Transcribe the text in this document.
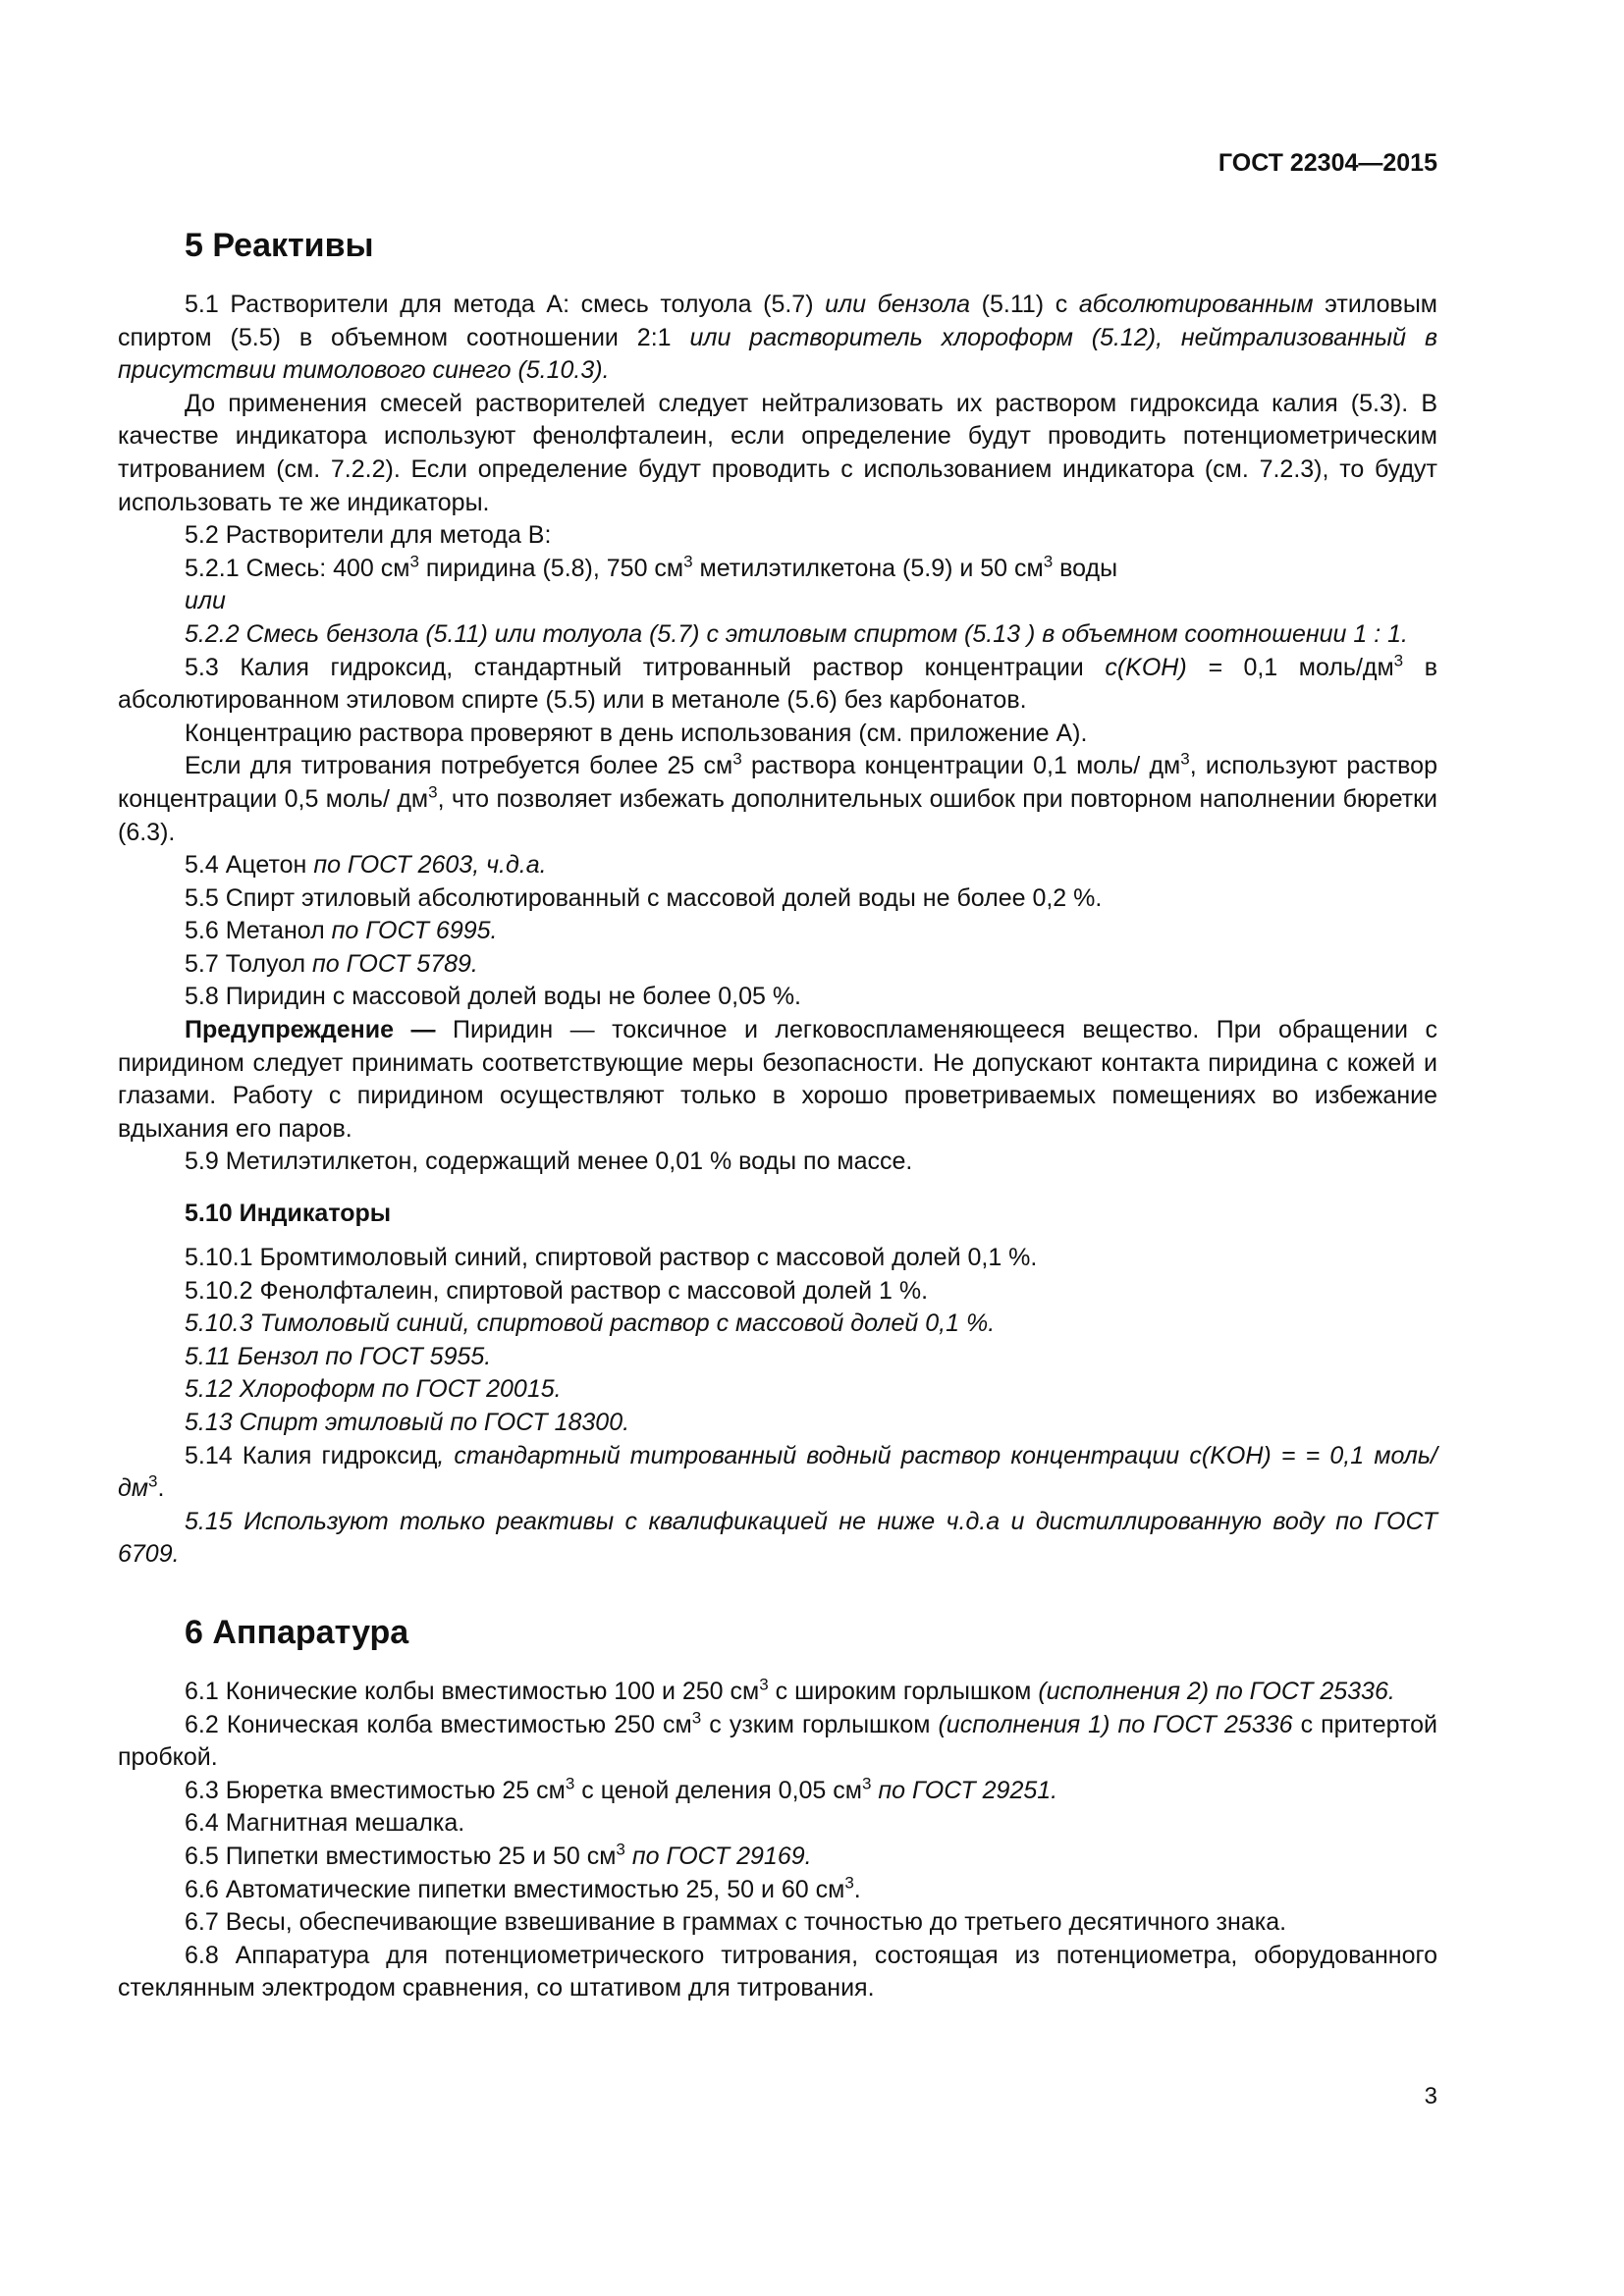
ГОСТ 22304—2015
5 Реактивы

5.1 Растворители для метода А: смесь толуола (5.7) или бензола (5.11) с абсолютированным этиловым спиртом (5.5) в объемном соотношении 2:1 или растворитель хлороформ (5.12), нейтрализованный в присутствии тимолового синего (5.10.3).

До применения смесей растворителей следует нейтрализовать их раствором гидроксида калия (5.3). В качестве индикатора используют фенолфталеин, если определение будут проводить потенциометрическим титрованием (см. 7.2.2). Если определение будут проводить с использованием индикатора (см. 7.2.3), то будут использовать те же индикаторы.

5.2 Растворители для метода В:

5.2.1 Смесь: 400 $см^3$ пиридина (5.8), 750 $см^3$ метилэтилкетона (5.9) и 50 $см^3$ воды

или

5.2.2 Смесь бензола (5.11) или толуола (5.7) с этиловым спиртом (5.13 ) в объемном соотношении 1 : 1.

5.3 Калия гидроксид, стандартный титрованный раствор концентрации c(KOH) = 0,1 моль/$дм^3$ в абсолютированном этиловом спирте (5.5) или в метаноле (5.6) без карбонатов.

Концентрацию раствора проверяют в день использования (см. приложение А).

Если для титрования потребуется более 25 $см^3$ раствора концентрации 0,1 моль/ $дм^3$, используют раствор концентрации 0,5 моль/ $дм^3$, что позволяет избежать дополнительных ошибок при повторном наполнении бюретки (6.3).

5.4 Ацетон по ГОСТ 2603, ч.д.а.

5.5 Спирт этиловый абсолютированный с массовой долей воды не более 0,2 %.

5.6 Метанол по ГОСТ 6995.

5.7 Толуол по ГОСТ 5789.

5.8 Пиридин с массовой долей воды не более 0,05 %.

Предупреждение — Пиридин — токсичное и легковоспламеняющееся вещество. При обращении с пиридином следует принимать соответствующие меры безопасности. Не допускают контакта пиридина с кожей и глазами. Работу с пиридином осуществляют только в хорошо проветриваемых помещениях во избежание вдыхания его паров.

5.9 Метилэтилкетон, содержащий менее 0,01 % воды по массе.

5.10 Индикаторы

5.10.1 Бромтимоловый синий, спиртовой раствор с массовой долей 0,1 %.

5.10.2 Фенолфталеин, спиртовой раствор с массовой долей 1 %.

5.10.3 Тимоловый синий, спиртовой раствор с массовой долей 0,1 %.

5.11 Бензол по ГОСТ 5955.

5.12 Хлороформ по ГОСТ 20015.

5.13 Спирт этиловый по ГОСТ 18300.

5.14 Калия гидроксид, стандартный титрованный водный раствор концентрации c(KOH) = = 0,1 моль/$дм^3$.

5.15 Используют только реактивы с квалификацией не ниже ч.д.а и дистиллированную воду по ГОСТ 6709.

6 Аппаратура

6.1 Конические колбы вместимостью 100 и 250 $см^3$ с широким горлышком (исполнения 2) по ГОСТ 25336.

6.2 Коническая колба вместимостью 250 $см^3$ с узким горлышком (исполнения 1) по ГОСТ 25336 с притертой пробкой.

6.3 Бюретка вместимостью 25 $см^3$ с ценой деления 0,05 $см^3$ по ГОСТ 29251.

6.4 Магнитная мешалка.

6.5 Пипетки вместимостью 25 и 50 $см^3$ по ГОСТ 29169.

6.6 Автоматические пипетки вместимостью 25, 50 и 60 $см^3$.

6.7 Весы, обеспечивающие взвешивание в граммах с точностью до третьего десятичного знака.

6.8 Аппаратура для потенциометрического титрования, состоящая из потенциометра, оборудованного стеклянным электродом сравнения, со штативом для титрования.

3
